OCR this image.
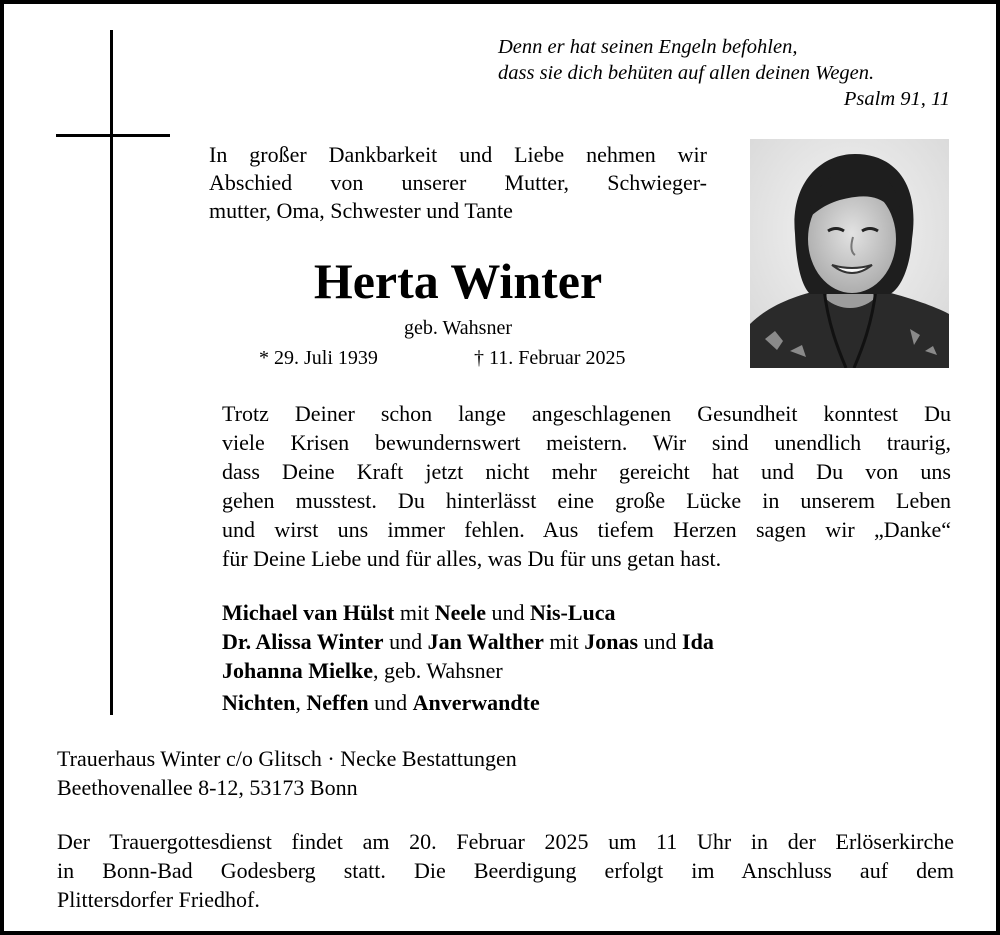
Denn er hat seinen Engeln befohlen,
dass sie dich behüten auf allen deinen Wegen.
Psalm 91, 11
In großer Dankbarkeit und Liebe nehmen wir
Abschied von unserer Mutter, Schwieger-
mutter, Oma, Schwester und Tante
Herta Winter
geb. Wahsner
* 29. Juli 1939	† 11. Februar 2025
Trotz Deiner schon lange angeschlagenen Gesundheit konntest Du
viele Krisen bewundernswert meistern. Wir sind unendlich traurig,
dass Deine Kraft jetzt nicht mehr gereicht hat und Du von uns
gehen musstest. Du hinterlässt eine große Lücke in unserem Leben
und wirst uns immer fehlen. Aus tiefem Herzen sagen wir „Danke“
für Deine Liebe und für alles, was Du für uns getan hast.
Michael van Hülst mit Neele und Nis-Luca
Dr. Alissa Winter und Jan Walther mit Jonas und Ida
Johanna Mielke, geb. Wahsner
Nichten, Neffen und Anverwandte
Trauerhaus Winter c/o Glitsch · Necke Bestattungen
Beethovenallee 8-12, 53173 Bonn
Der Trauergottesdienst findet am 20. Februar 2025 um 11 Uhr in der Erlöserkirche
in Bonn-Bad Godesberg statt. Die Beerdigung erfolgt im Anschluss auf dem
Plittersdorfer Friedhof.
